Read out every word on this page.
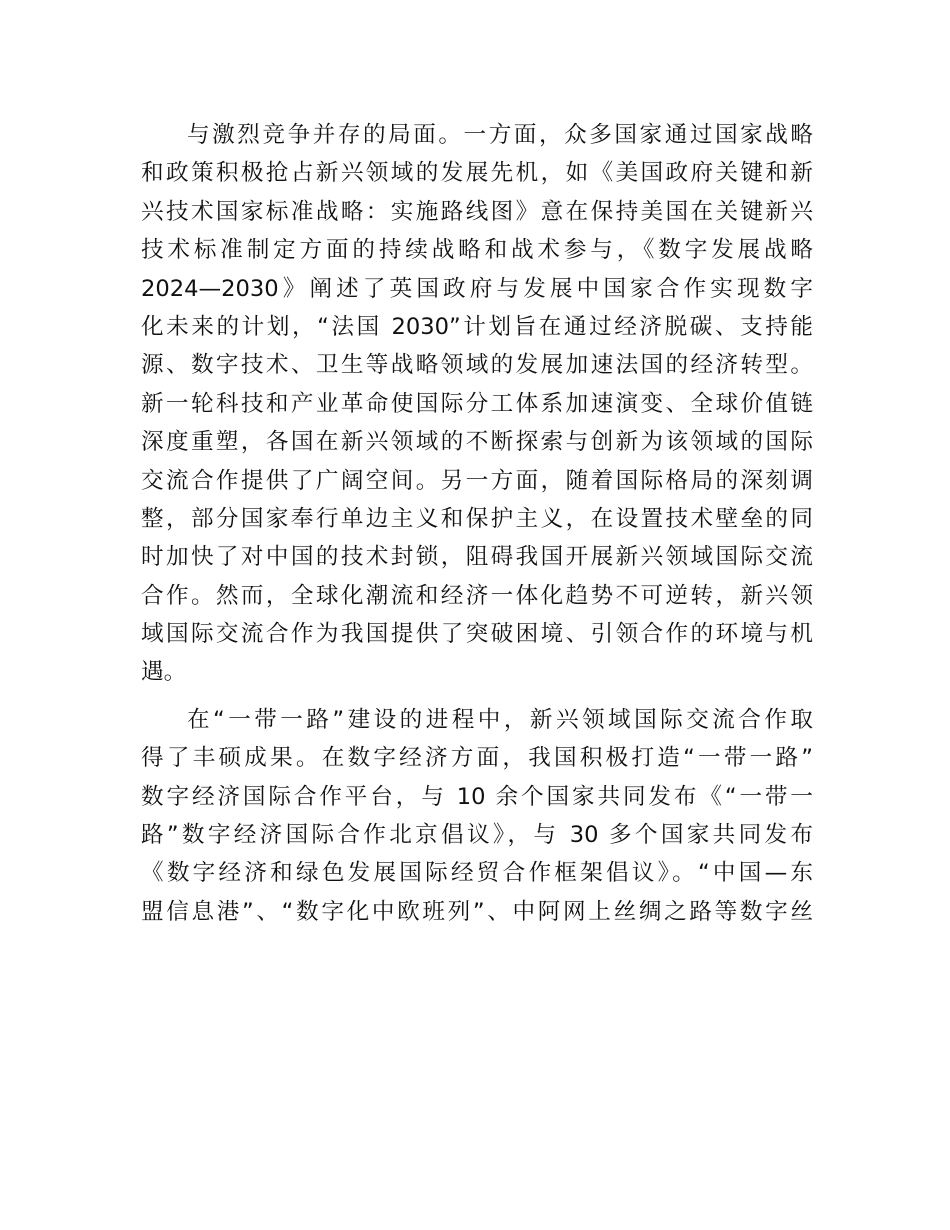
与激烈竞争并存的局面。一方面，众多国家通过国家战略
和政策积极抢占新兴领域的发展先机，如《美国政府关键和新
兴技术国家标准战略：实施路线图》意在保持美国在关键新兴
技术标准制定方面的持续战略和战术参与，《数字发展战略
2024—2030》阐述了英国政府与发展中国家合作实现数字
化未来的计划，“法国 2030”计划旨在通过经济脱碳、支持能
源、数字技术、卫生等战略领域的发展加速法国的经济转型。
新一轮科技和产业革命使国际分工体系加速演变、全球价值链
深度重塑，各国在新兴领域的不断探索与创新为该领域的国际
交流合作提供了广阔空间。另一方面，随着国际格局的深刻调
整，部分国家奉行单边主义和保护主义，在设置技术壁垒的同
时加快了对中国的技术封锁，阻碍我国开展新兴领域国际交流
合作。然而，全球化潮流和经济一体化趋势不可逆转，新兴领
域国际交流合作为我国提供了突破困境、引领合作的环境与机
遇。
在“一带一路”建设的进程中，新兴领域国际交流合作取
得了丰硕成果。在数字经济方面，我国积极打造“一带一路”
数字经济国际合作平台，与 10 余个国家共同发布《“一带一
路”数字经济国际合作北京倡议》，与 30 多个国家共同发布
《数字经济和绿色发展国际经贸合作框架倡议》。“中国—东
盟信息港”、“数字化中欧班列”、中阿网上丝绸之路等数字丝
